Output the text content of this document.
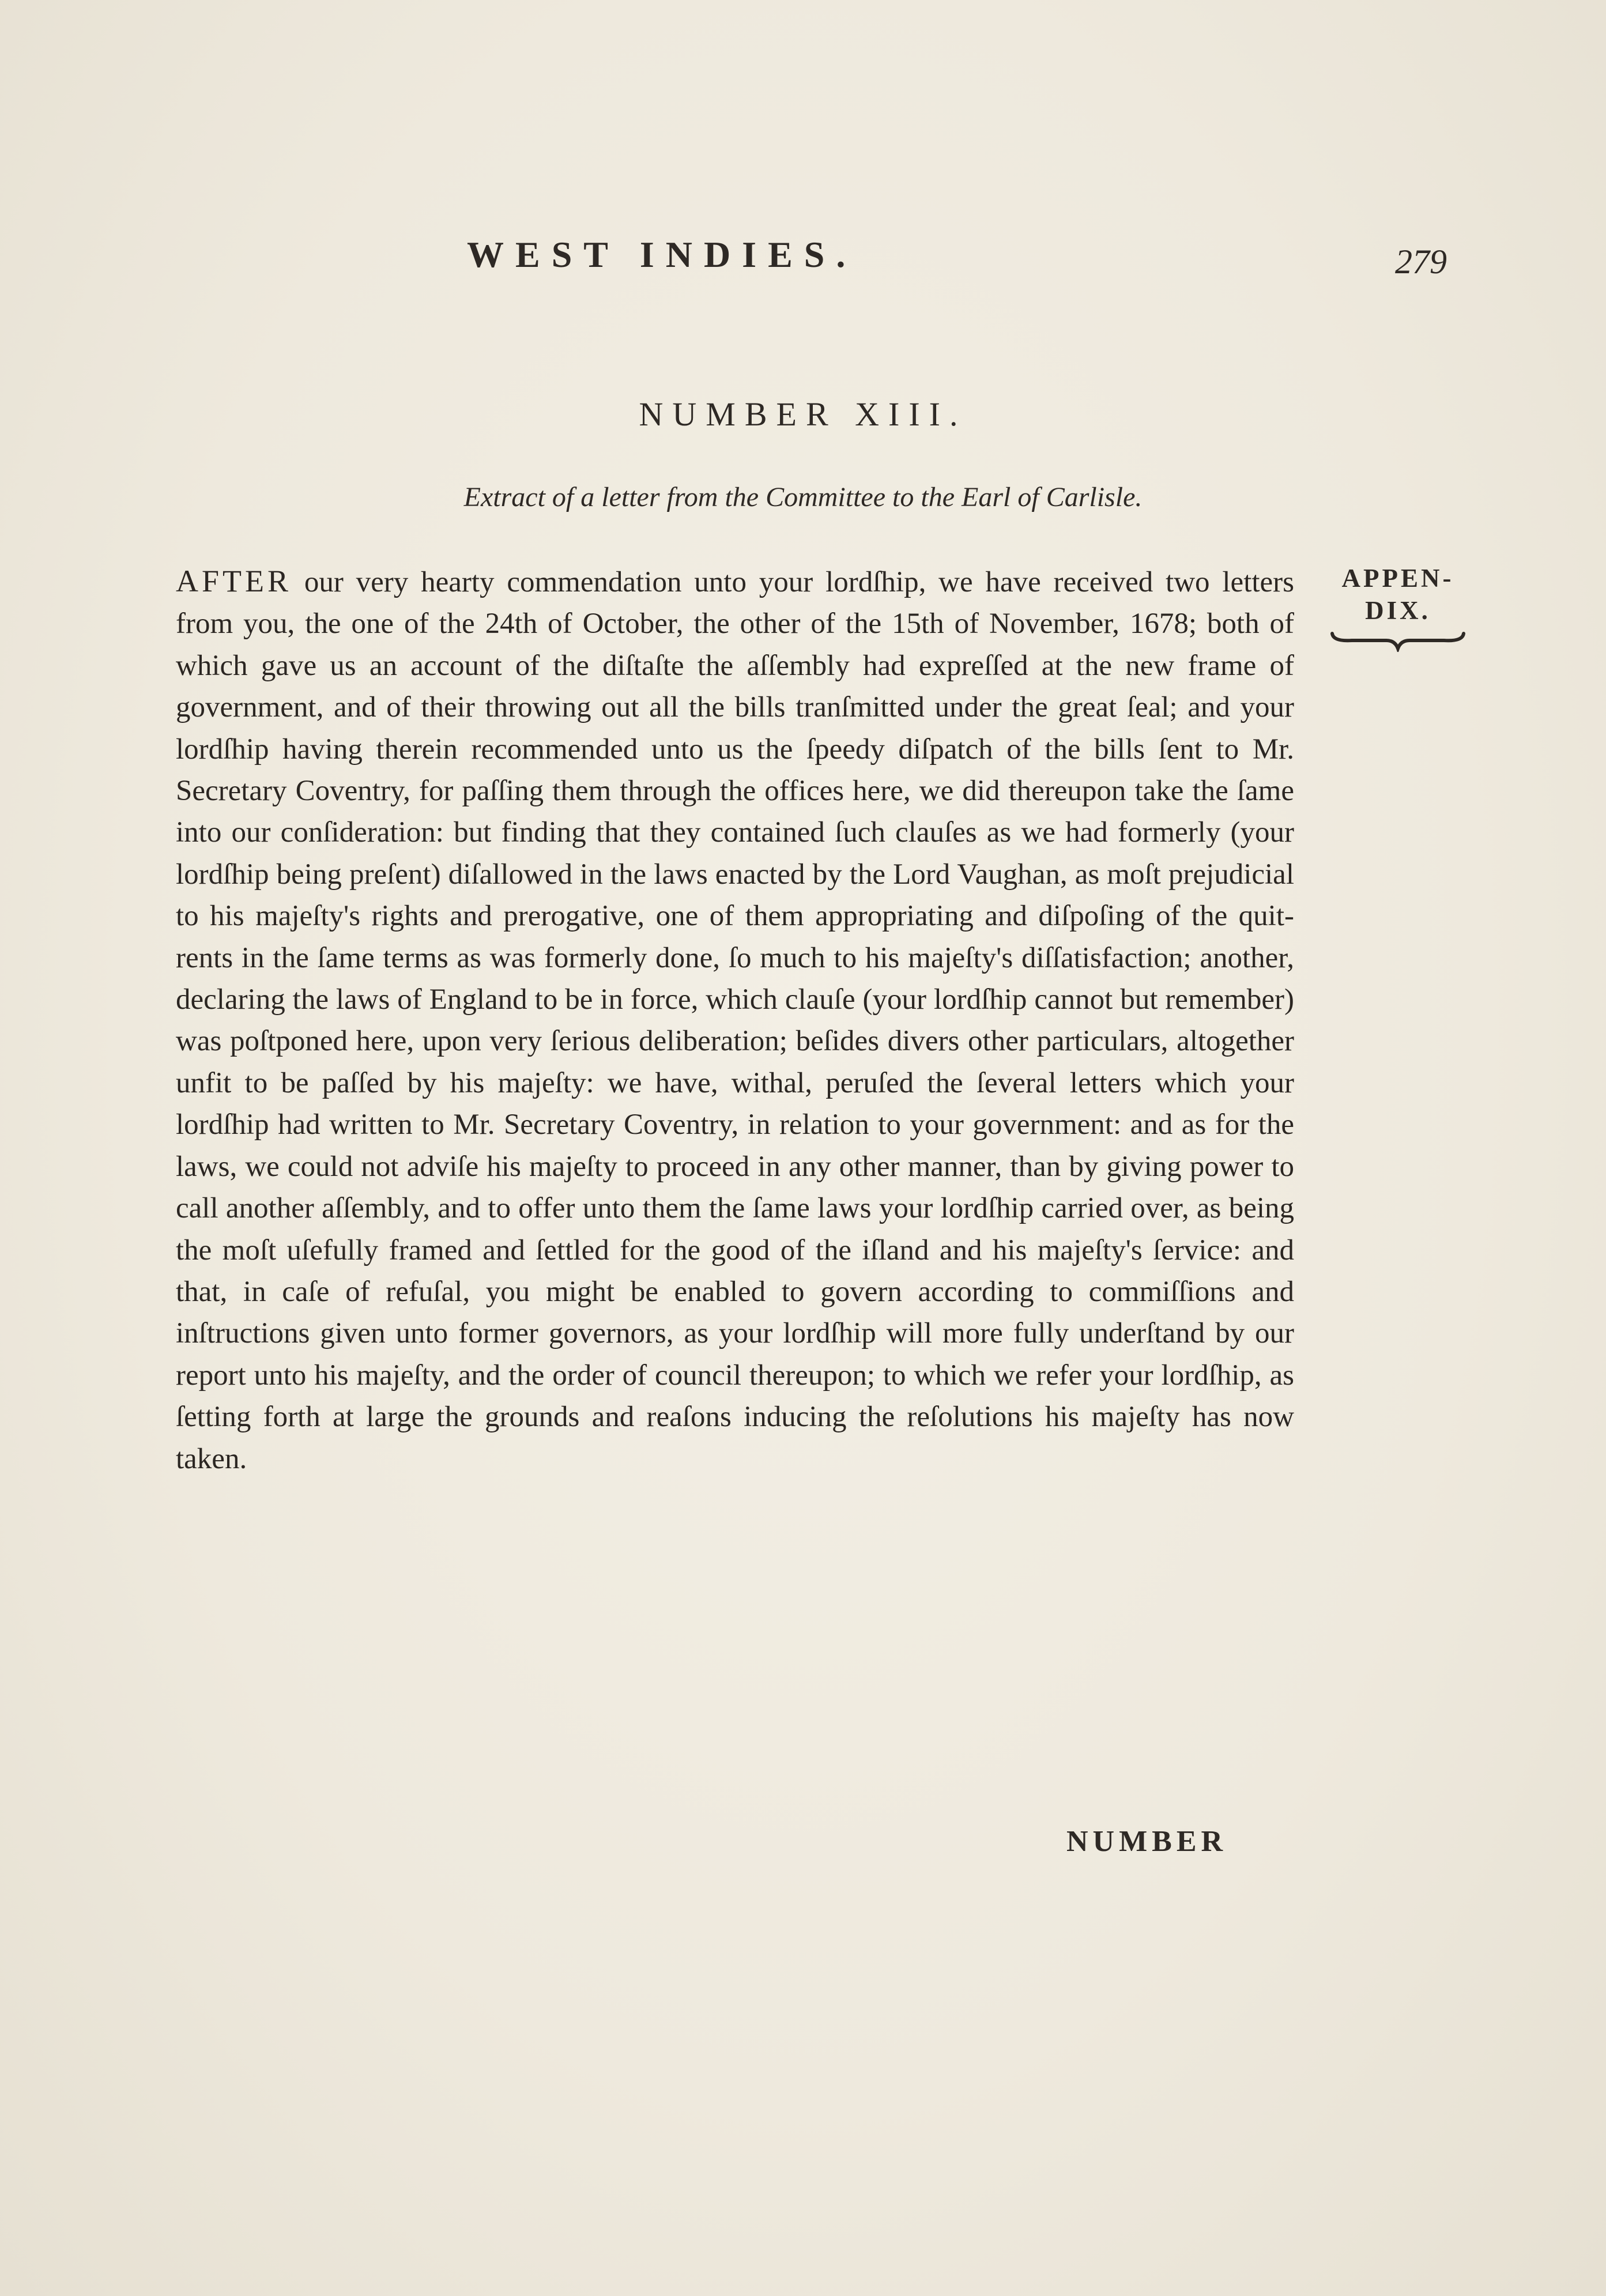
WEST INDIES.	279
NUMBER XIII.
Extract of a letter from the Committee to the Earl of Carlisle.
APPEN-
DIX.
AFTER our very hearty commendation unto your lordſhip, we have received two letters from you, the one of the 24th of October, the other of the 15th of November, 1678; both of which gave us an account of the diſtaſte the aſſembly had expreſſed at the new frame of government, and of their throwing out all the bills tranſmitted under the great ſeal; and your lordſhip having therein recommended unto us the ſpeedy diſpatch of the bills ſent to Mr. Secretary Coventry, for paſſing them through the offices here, we did thereupon take the ſame into our conſideration: but finding that they contained ſuch clauſes as we had formerly (your lordſhip being preſent) diſallowed in the laws enacted by the Lord Vaughan, as moſt prejudicial to his majeſty's rights and prerogative, one of them appropriating and diſpoſing of the quit-rents in the ſame terms as was formerly done, ſo much to his majeſty's diſſatisfaction; another, declaring the laws of England to be in force, which clauſe (your lordſhip cannot but remember) was poſtponed here, upon very ſerious deliberation; beſides divers other particulars, altogether unfit to be paſſed by his majeſty: we have, withal, peruſed the ſeveral letters which your lordſhip had written to Mr. Secretary Coventry, in relation to your government: and as for the laws, we could not adviſe his majeſty to proceed in any other manner, than by giving power to call another aſſembly, and to offer unto them the ſame laws your lordſhip carried over, as being the moſt uſefully framed and ſettled for the good of the iſland and his majeſty's ſervice: and that, in caſe of refuſal, you might be enabled to govern according to commiſſions and inſtructions given unto former governors, as your lordſhip will more fully underſtand by our report unto his majeſty, and the order of council thereupon; to which we refer your lordſhip, as ſetting forth at large the grounds and reaſons inducing the reſolutions his majeſty has now taken.
NUMBER
